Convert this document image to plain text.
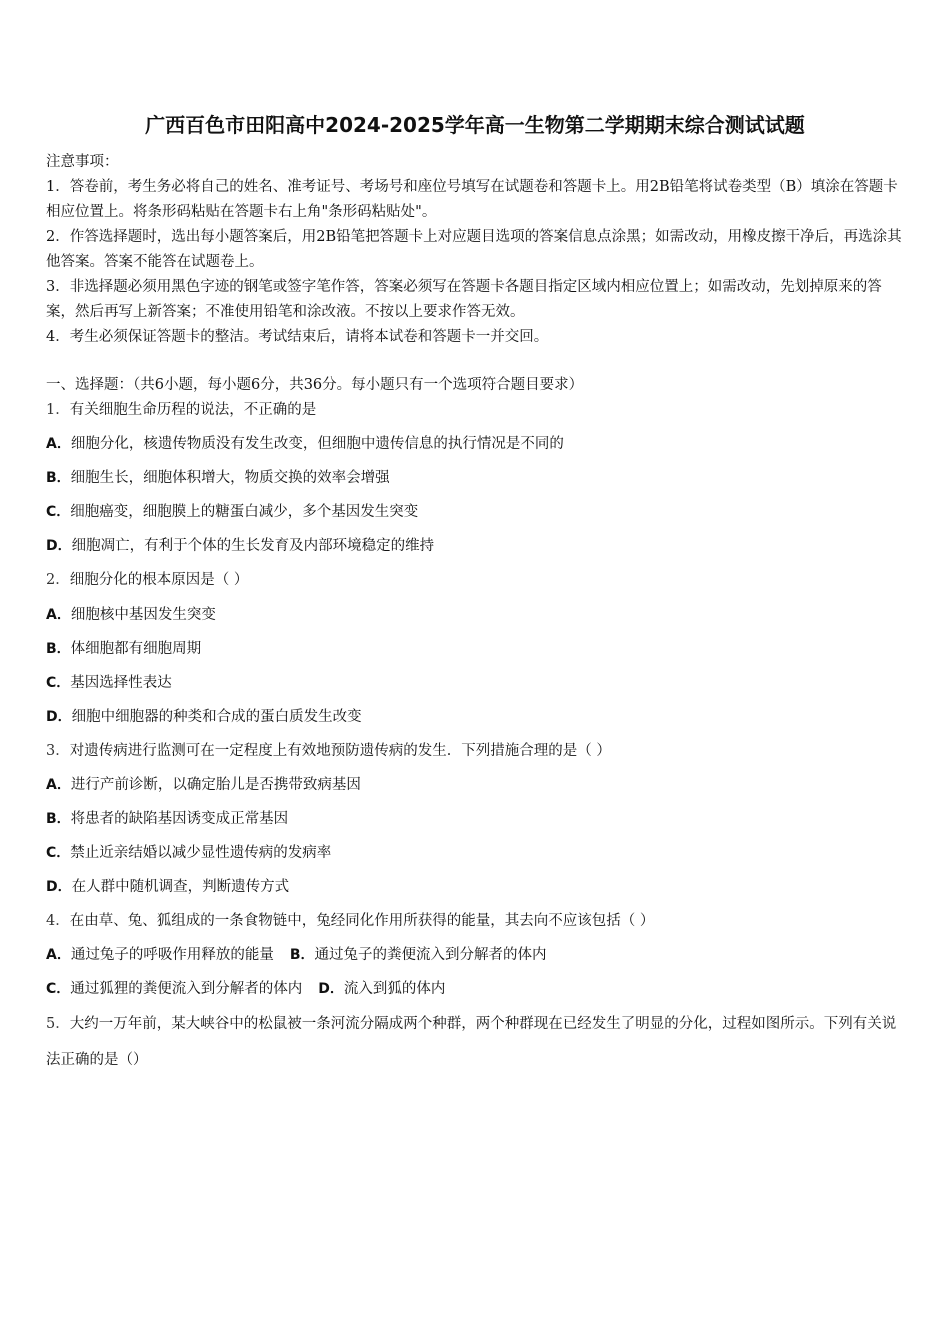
广西百色市田阳高中2024-2025学年高一生物第二学期期末综合测试试题
注意事项：
1．答卷前，考生务必将自己的姓名、准考证号、考场号和座位号填写在试题卷和答题卡上。用2B铅笔将试卷类型（B）填涂在答题卡相应位置上。将条形码粘贴在答题卡右上角"条形码粘贴处"。
2．作答选择题时，选出每小题答案后，用2B铅笔把答题卡上对应题目选项的答案信息点涂黑；如需改动，用橡皮擦干净后，再选涂其他答案。答案不能答在试题卷上。
3．非选择题必须用黑色字迹的钢笔或签字笔作答，答案必须写在答题卡各题目指定区域内相应位置上；如需改动，先划掉原来的答案，然后再写上新答案；不准使用铅笔和涂改液。不按以上要求作答无效。
4．考生必须保证答题卡的整洁。考试结束后，请将本试卷和答题卡一并交回。
一、选择题：（共6小题，每小题6分，共36分。每小题只有一个选项符合题目要求）
1．有关细胞生命历程的说法，不正确的是
A．细胞分化，核遗传物质没有发生改变，但细胞中遗传信息的执行情况是不同的
B．细胞生长，细胞体积增大，物质交换的效率会增强
C．细胞癌变，细胞膜上的糖蛋白减少，多个基因发生突变
D．细胞凋亡，有利于个体的生长发育及内部环境稳定的维持
2．细胞分化的根本原因是（ ）
A．细胞核中基因发生突变
B．体细胞都有细胞周期
C．基因选择性表达
D．细胞中细胞器的种类和合成的蛋白质发生改变
3．对遗传病进行监测可在一定程度上有效地预防遗传病的发生．下列措施合理的是（ ）
A．进行产前诊断，以确定胎儿是否携带致病基因
B．将患者的缺陷基因诱变成正常基因
C．禁止近亲结婚以减少显性遗传病的发病率
D．在人群中随机调查，判断遗传方式
4．在由草、兔、狐组成的一条食物链中，兔经同化作用所获得的能量，其去向不应该包括（ ）
A．通过兔子的呼吸作用释放的能量 B．通过兔子的粪便流入到分解者的体内
C．通过狐狸的粪便流入到分解者的体内 D．流入到狐的体内
5．大约一万年前，某大峡谷中的松鼠被一条河流分隔成两个种群，两个种群现在已经发生了明显的分化，过程如图所示。下列有关说法正确的是（）
